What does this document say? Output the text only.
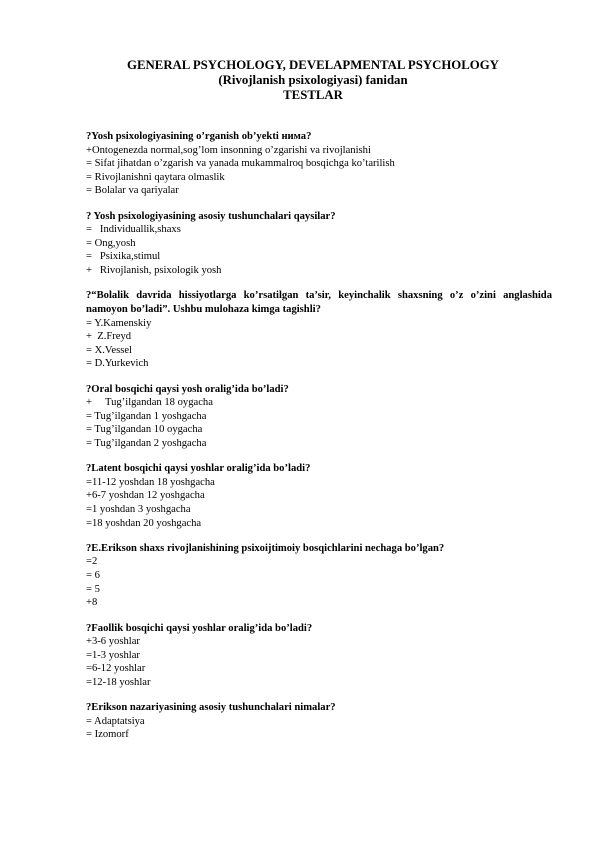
GENERAL PSYCHOLOGY, DEVELAPMENTAL PSYCHOLOGY
(Rivojlanish psixologiyasi) fanidan
TESTLAR
?Yosh psixologiyasining o’rganish ob’yekti нима?
+Ontogenezda normal,sog’lom insonning o’zgarishi va rivojlanishi
= Sifat jihatdan o’zgarish va yanada mukammalroq bosqichga ko’tarilish
= Rivojlanishni qaytara olmaslik
= Bolalar va qariyalar
? Yosh psixologiyasining asosiy tushunchalari qaysilar?
=   Individuallik,shaxs
= Ong,yosh
=   Psixika,stimul
+   Rivojlanish, psixologik yosh
?“Bolalik davrida hissiyotlarga ko’rsatilgan ta’sir, keyinchalik shaxsning o’z o’zini anglashida namoyon bo’ladi”. Ushbu mulohaza kimga tagishli?
= Y.Kamenskiy
+  Z.Freyd
= X.Vessel
= D.Yurkevich
?Oral bosqichi qaysi yosh oralig’ida bo’ladi?
+     Tug’ilgandan 18 oygacha
= Tug’ilgandan 1 yoshgacha
= Tug’ilgandan 10 oygacha
= Tug’ilgandan 2 yoshgacha
?Latent bosqichi qaysi yoshlar oralig’ida bo’ladi?
=11-12 yoshdan 18 yoshgacha
+6-7 yoshdan 12 yoshgacha
=1 yoshdan 3 yoshgacha
=18 yoshdan 20 yoshgacha
?E.Erikson shaxs rivojlanishining psixoijtimoiy bosqichlarini nechaga bo’lgan?
=2
= 6
= 5
+8
?Faollik bosqichi qaysi yoshlar oralig’ida bo’ladi?
+3-6 yoshlar
=1-3 yoshlar
=6-12 yoshlar
=12-18 yoshlar
?Erikson nazariyasining asosiy tushunchalari nimalar?
= Adaptatsiya
= Izomorf
